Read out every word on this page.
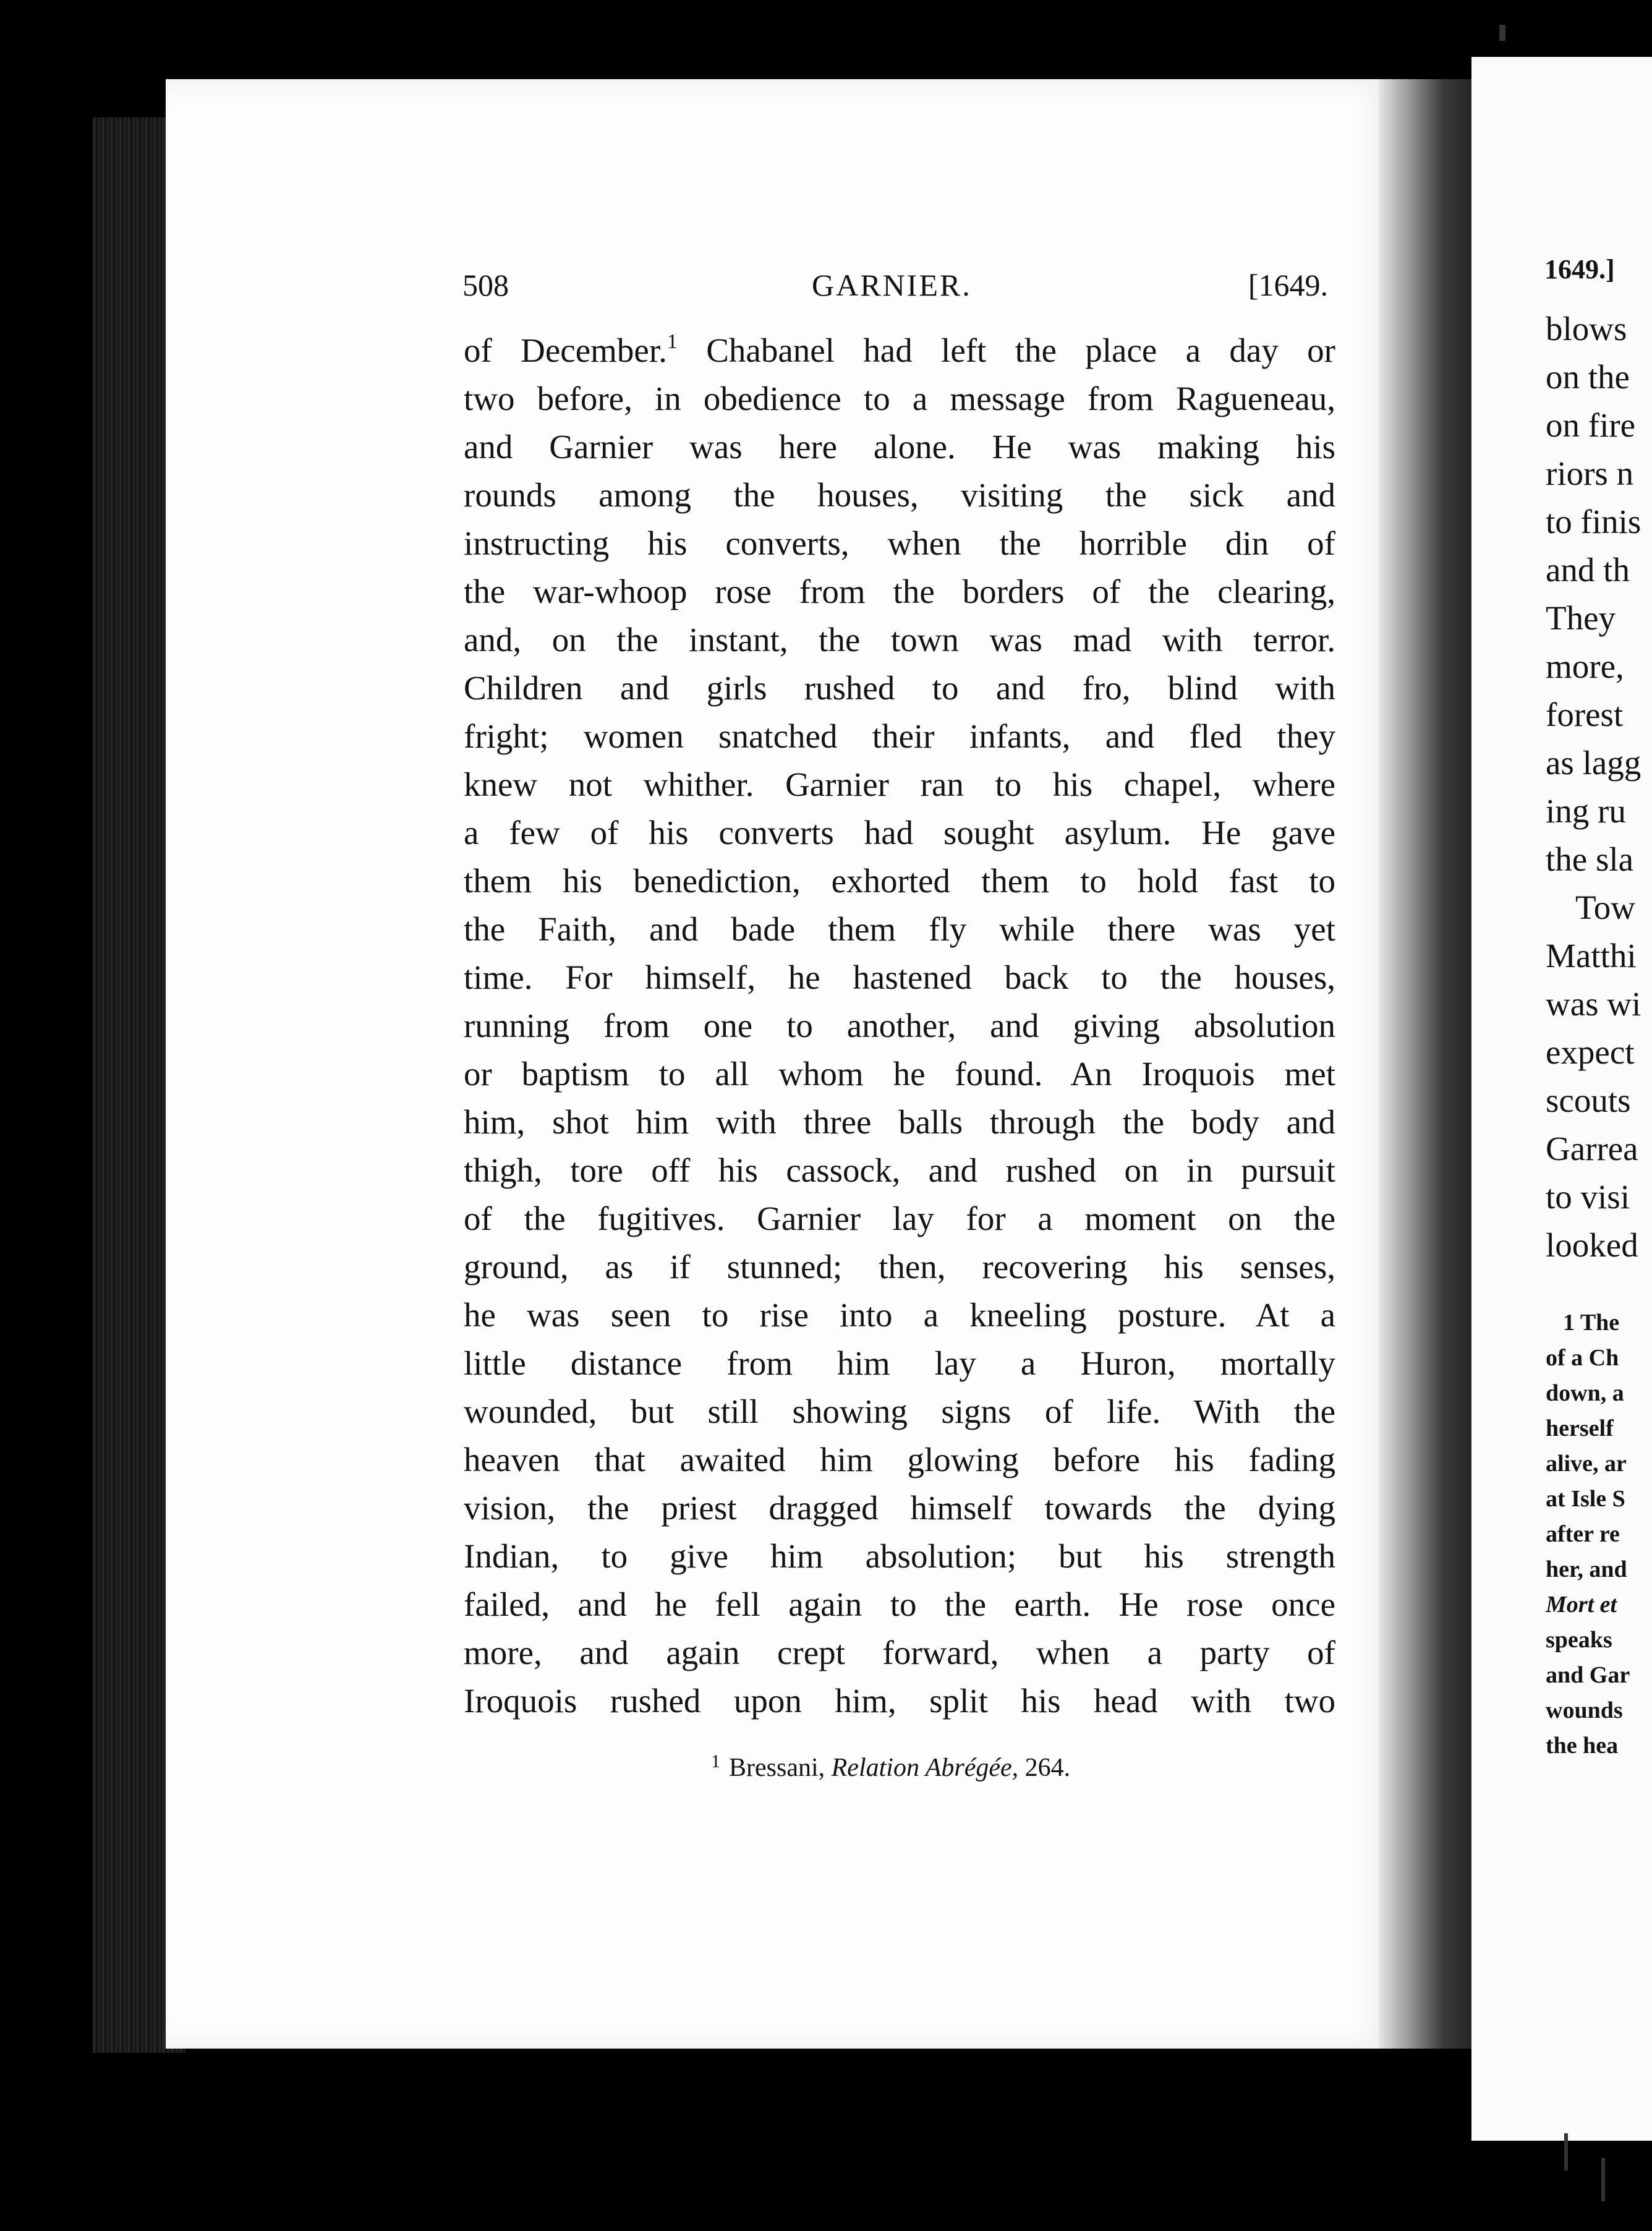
508	GARNIER.	[1649.
of December.$^1$ Chabanel had left the place a day or
two before, in obedience to a message from Ragueneau,
and Garnier was here alone. He was making his
rounds among the houses, visiting the sick and
instructing his converts, when the horrible din of
the war-whoop rose from the borders of the clearing,
and, on the instant, the town was mad with terror.
Children and girls rushed to and fro, blind with
fright; women snatched their infants, and fled they
knew not whither. Garnier ran to his chapel, where
a few of his converts had sought asylum. He gave
them his benediction, exhorted them to hold fast to
the Faith, and bade them fly while there was yet
time. For himself, he hastened back to the houses,
running from one to another, and giving absolution
or baptism to all whom he found. An Iroquois met
him, shot him with three balls through the body and
thigh, tore off his cassock, and rushed on in pursuit
of the fugitives. Garnier lay for a moment on the
ground, as if stunned; then, recovering his senses,
he was seen to rise into a kneeling posture. At a
little distance from him lay a Huron, mortally
wounded, but still showing signs of life. With the
heaven that awaited him glowing before his fading
vision, the priest dragged himself towards the dying
Indian, to give him absolution; but his strength
failed, and he fell again to the earth. He rose once
more, and again crept forward, when a party of
Iroquois rushed upon him, split his head with two
$^1$ Bressani, Relation Abrégée, 264.
1649.]
blows
on the
on fire
riors n
to finis
and th
They
more,
forest
as lagg
ing ru
the sla
Tow
Matthi
was wi
expect
scouts
Garrea
to visi
looked
1 The
of a Ch
down, a
herself
alive, ar
at Isle S
after re
her, and
Mort et
speaks
and Gar
wounds
the hea
